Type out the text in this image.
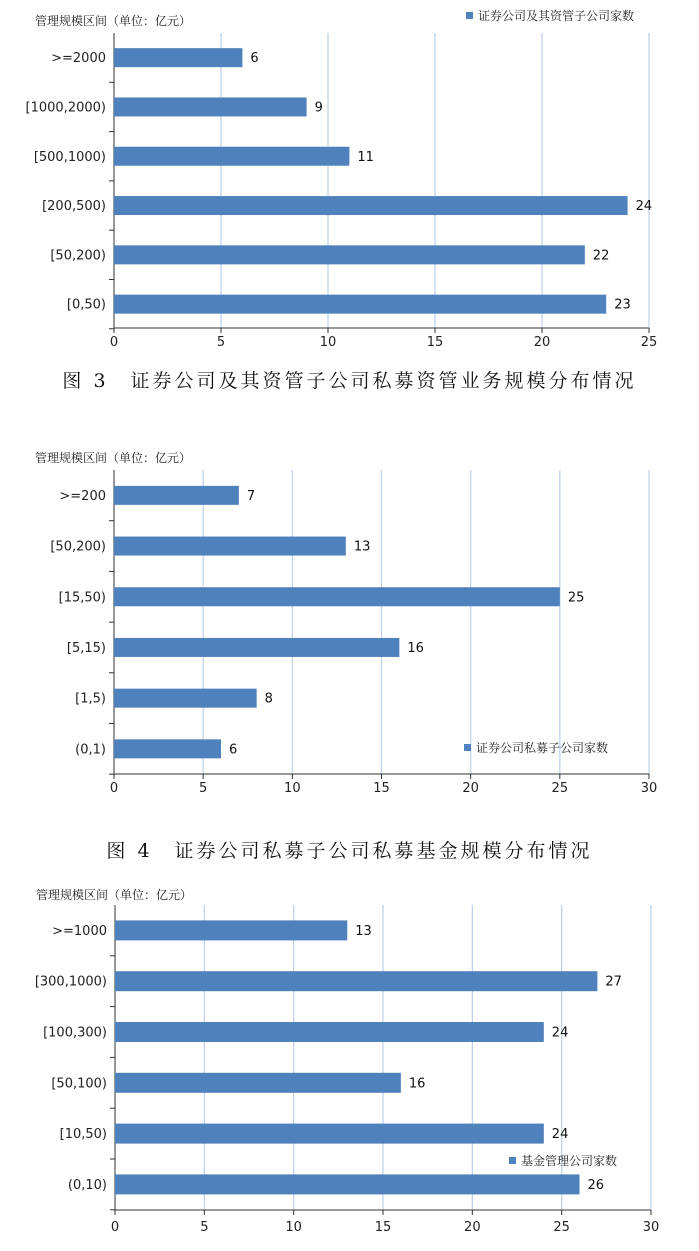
管理规模区间（单位：亿元）
0	5	10	15	20	25
>=2000	6
[1000,2000)	9
[500,1000)	11
[200,500)	24
[50,200)	22
[0,50)	23
证券公司及其资管子公司家数
图 3　证券公司及其资管子公司私募资管业务规模分布情况
管理规模区间（单位：亿元）
0	5	10	15	20	25	30
>=200	7
[50,200)	13
[15,50)	25
[5,15)	16
[1,5)	8
(0,1)	6	证券公司私募子公司家数
图 4　证券公司私募子公司私募基金规模分布情况
管理规模区间（单位：亿元）
0	5	10	15	20	25	30
>=1000	13
[300,1000)	27
[100,300)	24
[50,100)	16
[10,50)	24
(0,10)	26
基金管理公司家数
